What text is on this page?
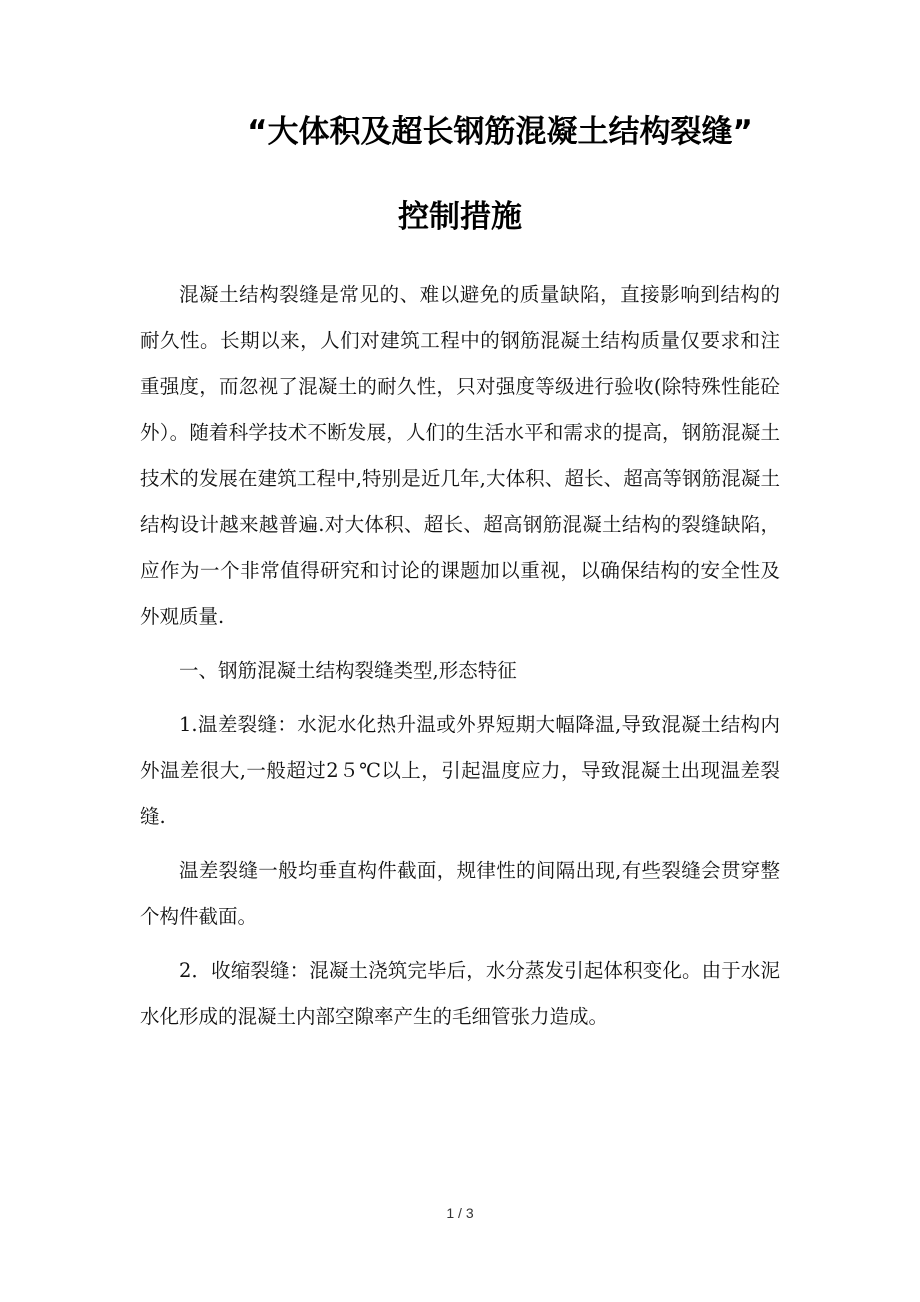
“大体积及超长钢筋混凝土结构裂缝”
控制措施

混凝土结构裂缝是常见的、难以避免的质量缺陷，直接影响到结构的耐久性。长期以来，人们对建筑工程中的钢筋混凝土结构质量仅要求和注重强度，而忽视了混凝土的耐久性，只对强度等级进行验收(除特殊性能砼外）。随着科学技术不断发展，人们的生活水平和需求的提高，钢筋混凝土技术的发展在建筑工程中,特别是近几年,大体积、超长、超高等钢筋混凝土结构设计越来越普遍.对大体积、超长、超高钢筋混凝土结构的裂缝缺陷，应作为一个非常值得研究和讨论的课题加以重视，以确保结构的安全性及外观质量.

一、钢筋混凝土结构裂缝类型,形态特征

1.温差裂缝：水泥水化热升温或外界短期大幅降温,导致混凝土结构内外温差很大,一般超过2５℃以上，引起温度应力，导致混凝土出现温差裂缝.

温差裂缝一般均垂直构件截面，规律性的间隔出现,有些裂缝会贯穿整个构件截面。

2．收缩裂缝：混凝土浇筑完毕后，水分蒸发引起体积变化。由于水泥水化形成的混凝土内部空隙率产生的毛细管张力造成。

1 / 3
